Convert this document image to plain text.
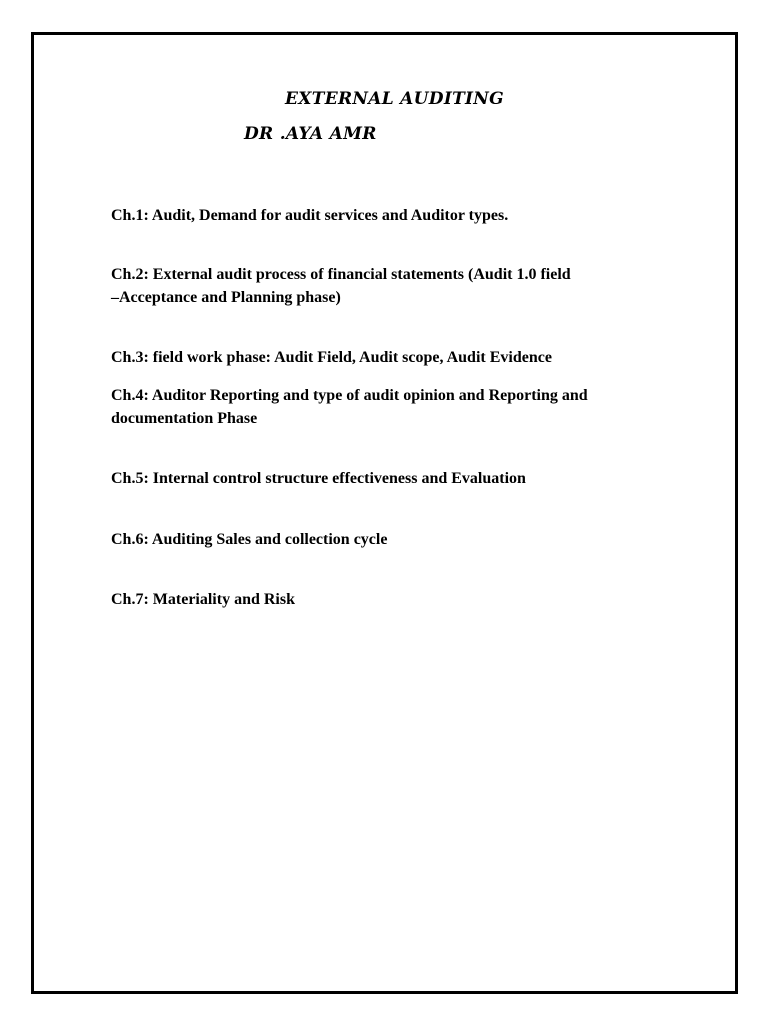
EXTERNAL AUDITING
DR .AYA AMR
Ch.1: Audit, Demand for audit services and Auditor types.
Ch.2: External audit process of financial statements (Audit 1.0 field –Acceptance and Planning phase)
Ch.3: field work phase: Audit Field, Audit scope, Audit Evidence
Ch.4: Auditor Reporting and type of audit opinion and Reporting and documentation Phase
Ch.5: Internal control structure effectiveness and Evaluation
Ch.6: Auditing Sales and collection cycle
Ch.7: Materiality and Risk
